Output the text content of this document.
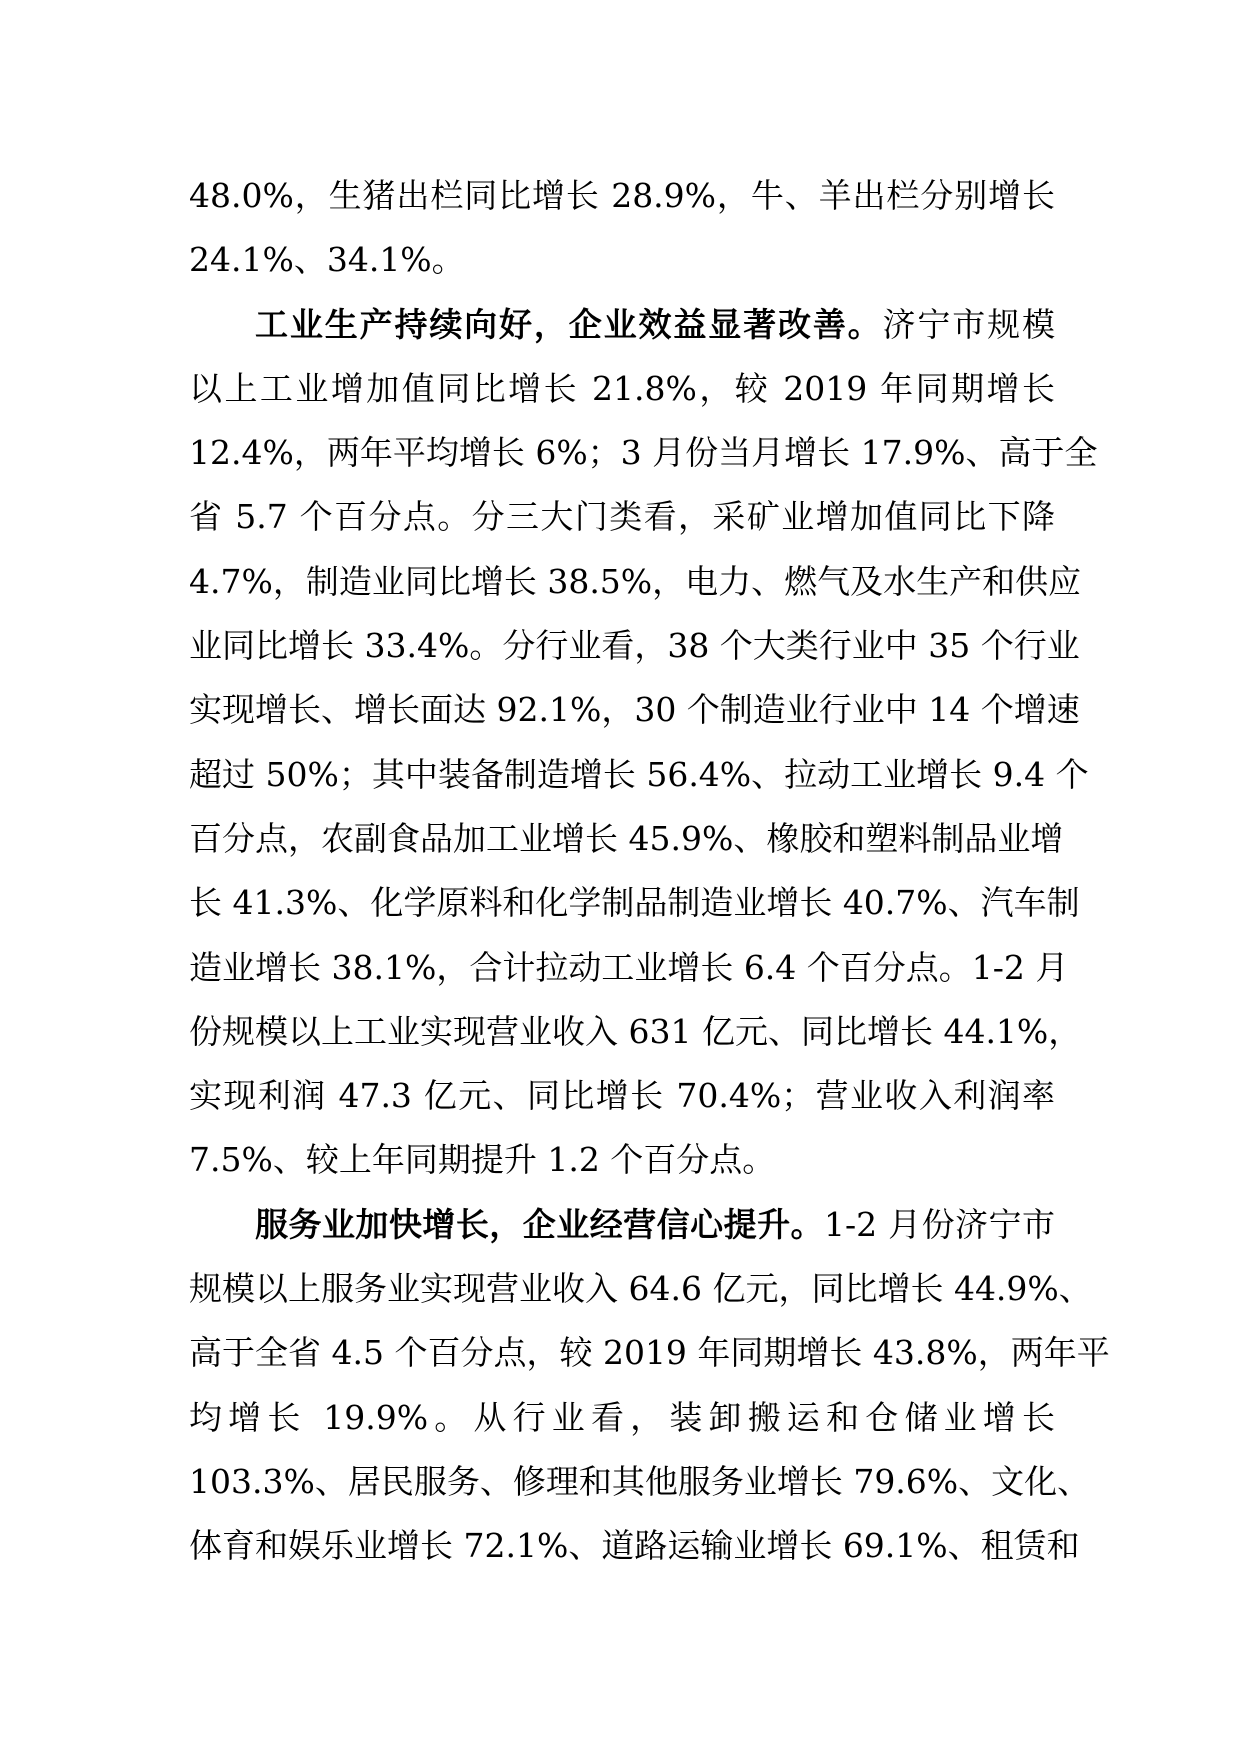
48.0%，生猪出栏同比增长 28.9%，牛、羊出栏分别增长
24.1%、34.1%。
工业生产持续向好，企业效益显著改善。济宁市规模
以上工业增加值同比增长 21.8%，较 2019 年同期增长
12.4%，两年平均增长 6%；3 月份当月增长 17.9%、高于全
省 5.7 个百分点。分三大门类看，采矿业增加值同比下降
4.7%，制造业同比增长 38.5%，电力、燃气及水生产和供应
业同比增长 33.4%。分行业看，38 个大类行业中 35 个行业
实现增长、增长面达 92.1%，30 个制造业行业中 14 个增速
超过 50%；其中装备制造增长 56.4%、拉动工业增长 9.4 个
百分点，农副食品加工业增长 45.9%、橡胶和塑料制品业增
长 41.3%、化学原料和化学制品制造业增长 40.7%、汽车制
造业增长 38.1%，合计拉动工业增长 6.4 个百分点。1-2 月
份规模以上工业实现营业收入 631 亿元、同比增长 44.1%，
实现利润 47.3 亿元、同比增长 70.4%；营业收入利润率
7.5%、较上年同期提升 1.2 个百分点。
服务业加快增长，企业经营信心提升。1-2 月份济宁市
规模以上服务业实现营业收入 64.6 亿元，同比增长 44.9%、
高于全省 4.5 个百分点，较 2019 年同期增长 43.8%，两年平
均增长 19.9%。从行业看，装卸搬运和仓储业增长
103.3%、居民服务、修理和其他服务业增长 79.6%、文化、
体育和娱乐业增长 72.1%、道路运输业增长 69.1%、租赁和
